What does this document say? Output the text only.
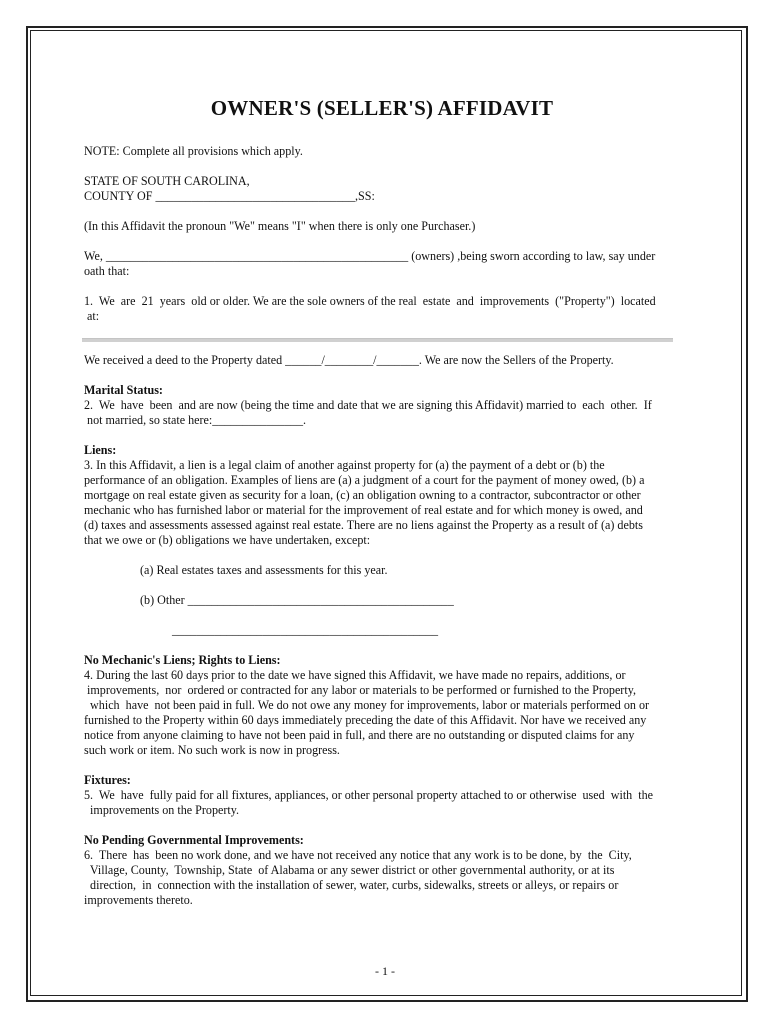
OWNER'S (SELLER'S) AFFIDAVIT

NOTE: Complete all provisions which apply.

STATE OF SOUTH CAROLINA,

COUNTY OF _________________________________,SS:

(In this Affidavit the pronoun "We" means "I" when there is only one Purchaser.)

We, __________________________________________________ (owners) ,being sworn according to law, say under

oath that:

1.  We  are  21  years  old or older. We are the sole owners of the real  estate  and  improvements  ("Property")  located

at:

We received a deed to the Property dated ______/________/_______. We are now the Sellers of the Property.

Marital Status:

2.  We  have  been  and are now (being the time and date that we are signing this Affidavit) married to  each  other.  If

not married, so state here:_______________.

Liens:

3. In this Affidavit, a lien is a legal claim of another against property for (a) the payment of a debt or (b) the

performance of an obligation. Examples of liens are (a) a judgment of a court for the payment of money owed, (b) a

mortgage on real estate given as security for a loan, (c) an obligation owning to a contractor, subcontractor or other

mechanic who has furnished labor or material for the improvement of real estate and for which money is owed, and

(d) taxes and assessments assessed against real estate. There are no liens against the Property as a result of (a) debts

that we owe or (b) obligations we have undertaken, except:

(a) Real estates taxes and assessments for this year.

(b) Other ____________________________________________

____________________________________________

No Mechanic's Liens; Rights to Liens:

4. During the last 60 days prior to the date we have signed this Affidavit, we have made no repairs, additions, or

improvements,  nor  ordered or contracted for any labor or materials to be performed or furnished to the Property,

which  have  not been paid in full. We do not owe any money for improvements, labor or materials performed on or

furnished to the Property within 60 days immediately preceding the date of this Affidavit. Nor have we received any

notice from anyone claiming to have not been paid in full, and there are no outstanding or disputed claims for any

such work or item. No such work is now in progress.

Fixtures:

5.  We  have  fully paid for all fixtures, appliances, or other personal property attached to or otherwise  used  with  the

improvements on the Property.

No Pending Governmental Improvements:

6.  There  has  been no work done, and we have not received any notice that any work is to be done, by  the  City,

Village, County,  Township, State  of Alabama or any sewer district or other governmental authority, or at its

direction,  in  connection with the installation of sewer, water, curbs, sidewalks, streets or alleys, or repairs or

improvements thereto.

- 1 -
